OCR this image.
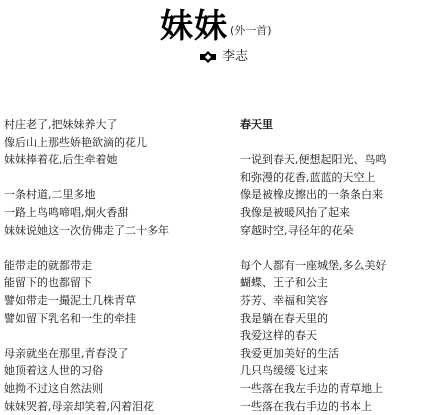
妹妹 (外一首)
李志
村庄老了,把妹妹养大了
像后山上那些娇艳欲滴的花儿
妹妹捧着花,后生牵着她
一条村道,二里多地
一路上鸟鸣啼唱,炯火香甜
妹妹说她这一次仿佛走了二十多年
能带走的就都带走
能留下的也都留下
譬如带走一撮泥土几株青草
譬如留下乳名和一生的牵挂
母亲就坐在那里,青春没了
她顶着这人世的习俗
她拗不过这自然法则
妹妹哭着,母亲却笑着,闪着泪花
春天里
一说到春天,便想起阳光、鸟鸣
和弥漫的花香,蓝蓝的天空上
像是被橡皮擦出的一条条白来
我像是被暖风抬了起来
穿越时空,寻径年的花朵
每个人都有一座城堡,多么美好
蝴蝶、王子和公主
芬芳、幸福和笑容
我是躺在春天里的
我爱这样的春天
我爱更加美好的生活
几只鸟缓缓飞过来
一些落在我左手边的青草地上
一些落在我右手边的书本上
